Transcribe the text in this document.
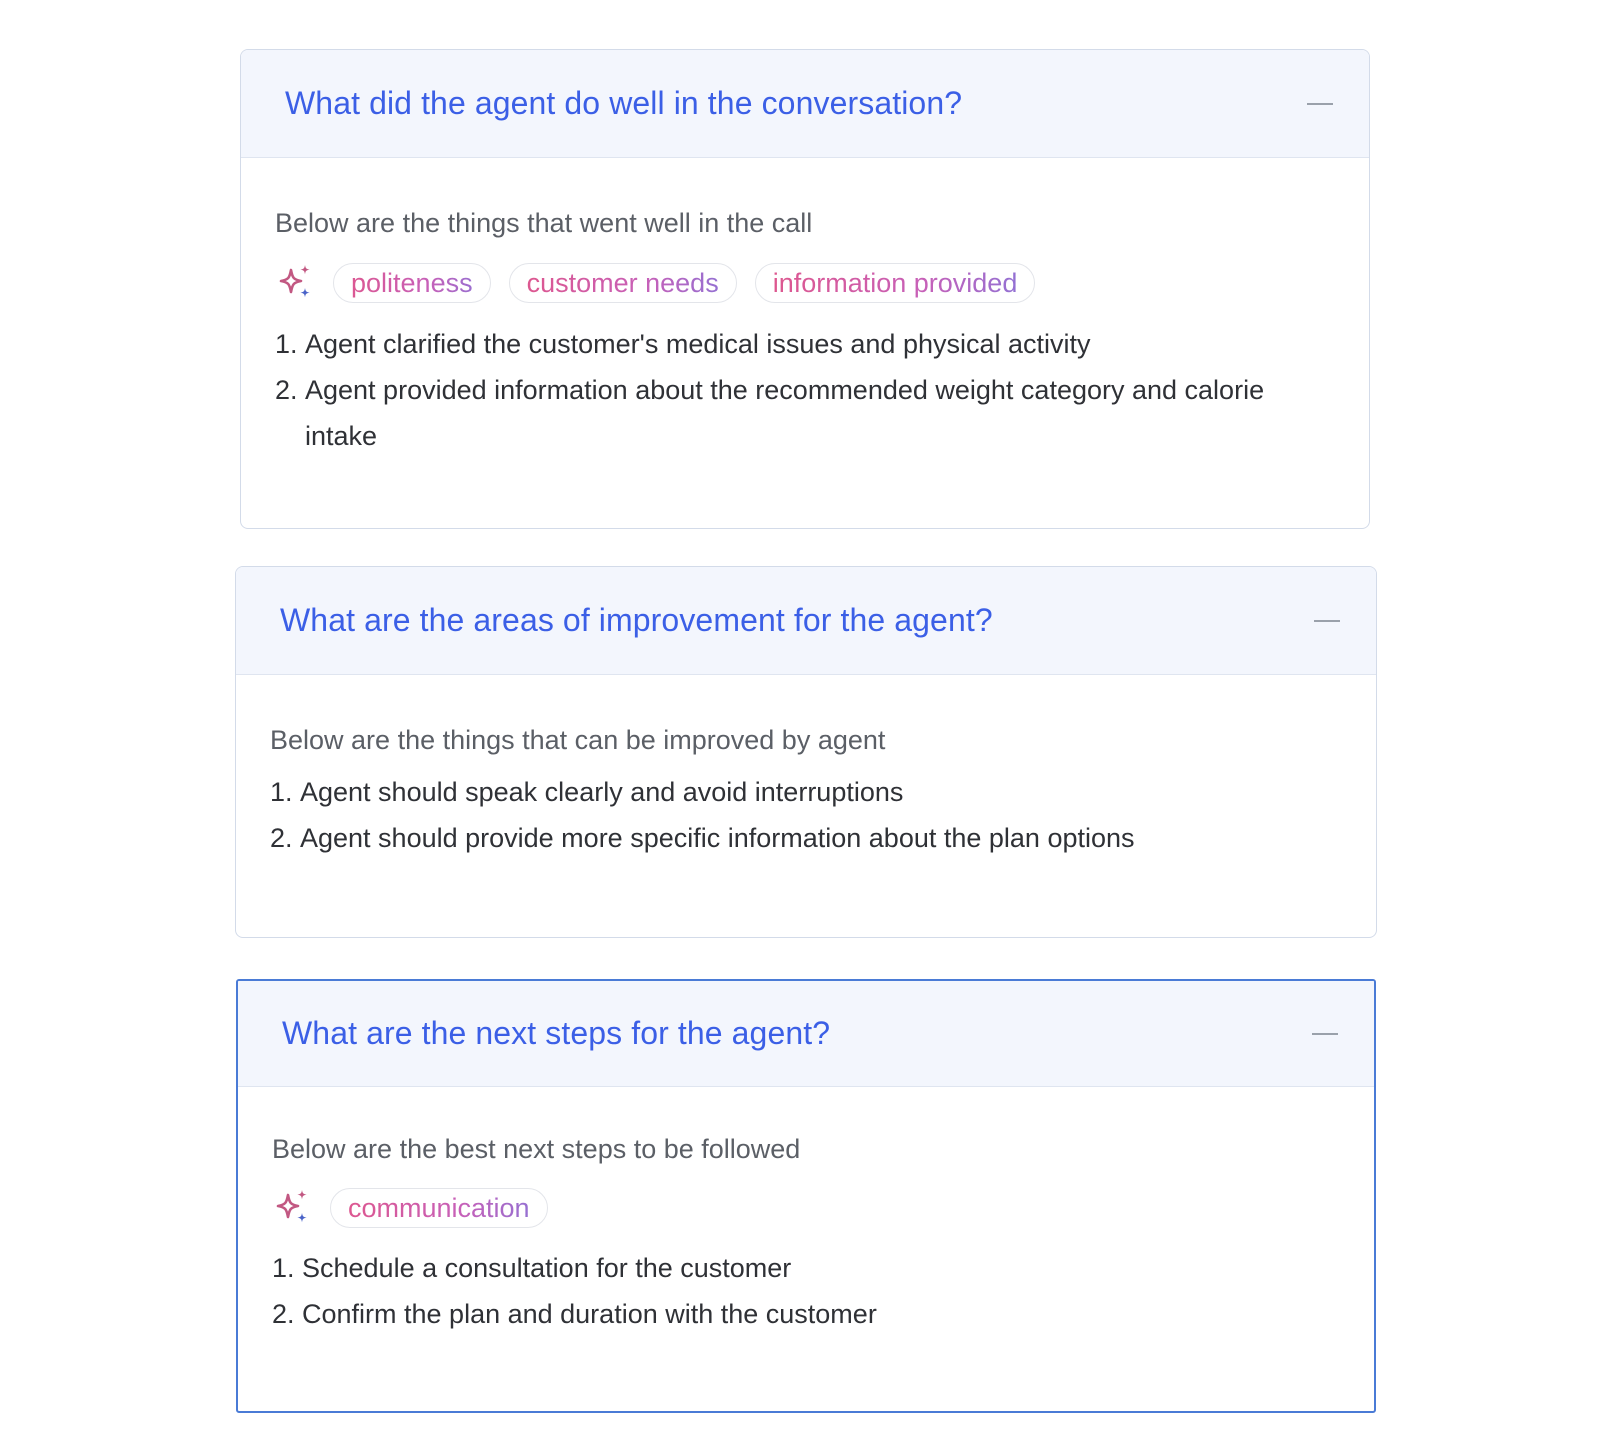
What did the agent do well in the conversation?
Below are the things that went well in the call
politeness	customer needs	information provided
1. Agent clarified the customer's medical issues and physical activity
2. Agent provided information about the recommended weight category and calorie intake
What are the areas of improvement for the agent?
Below are the things that can be improved by agent
1. Agent should speak clearly and avoid interruptions
2. Agent should provide more specific information about the plan options
What are the next steps for the agent?
Below are the best next steps to be followed
communication
1. Schedule a consultation for the customer
2. Confirm the plan and duration with the customer
